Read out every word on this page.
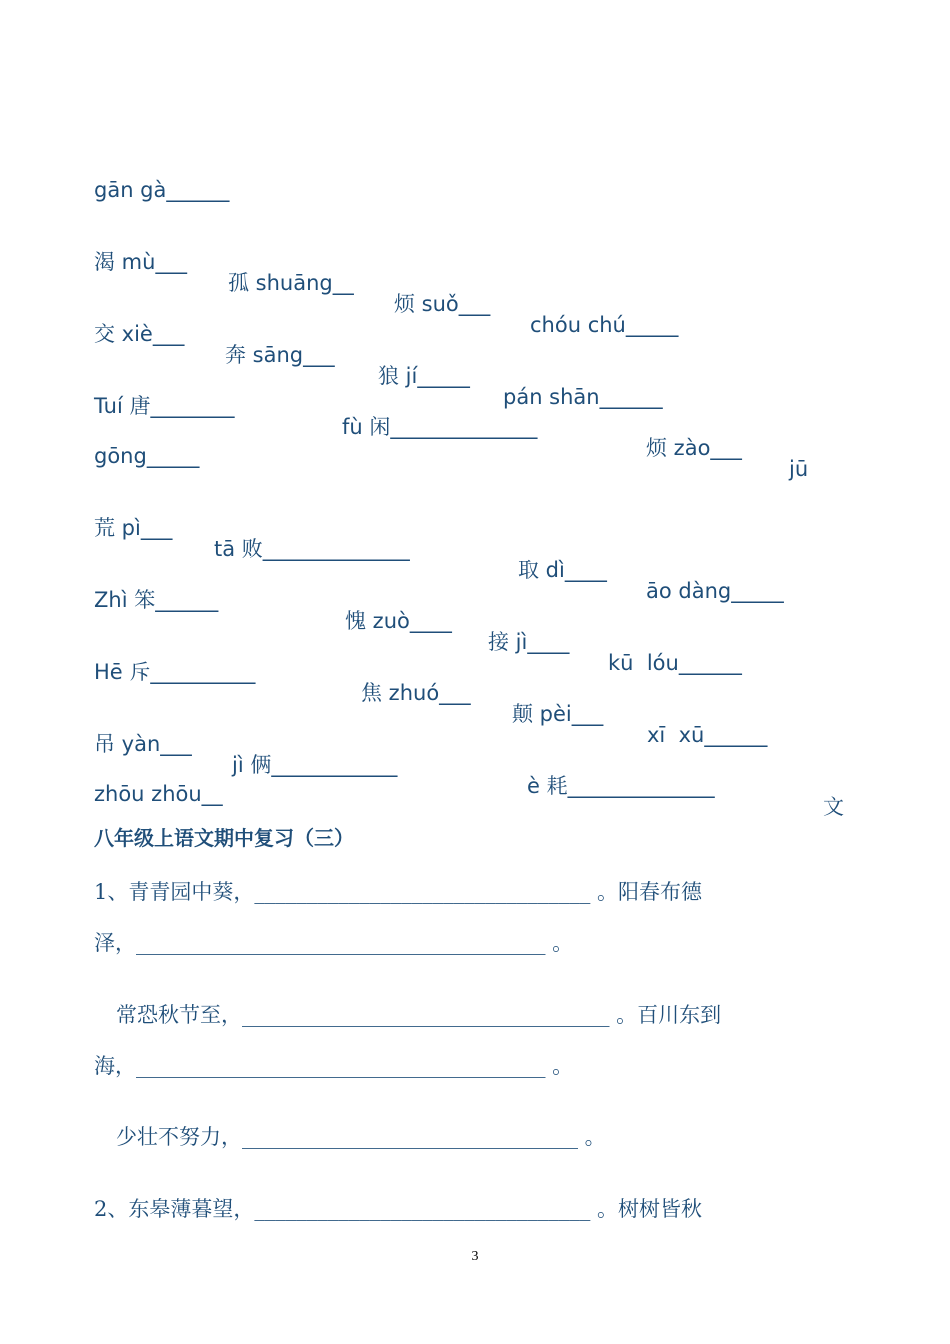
gān gà______

渴 mù___

孤 shuāng__

烦 suǒ___

chóu chú_____

交 xiè___

奔 sāng___

狼 jí_____

pán shān______

Tuí 唐________

fù 闲______________

烦 zào___

jū

gōng_____

荒 pì___

tā 败______________

取 dì____

āo dàng_____

Zhì 笨______

愧 zuò____

接 jì____

kū  lóu______

Hē 斥__________

焦 zhuó___

颠 pèi___

xī  xū______

吊 yàn___

jì 俩____________

è 耗______________

文

zhōu zhōu__

八年级上语文期中复习（三）
1、青青园中葵，________________________________ 。阳春布德
泽，_______________________________________ 。
常恐秋节至，___________________________________ 。百川东到
海，_______________________________________ 。
少壮不努力，________________________________ 。
2、东皋薄暮望，________________________________ 。树树皆秋
3
